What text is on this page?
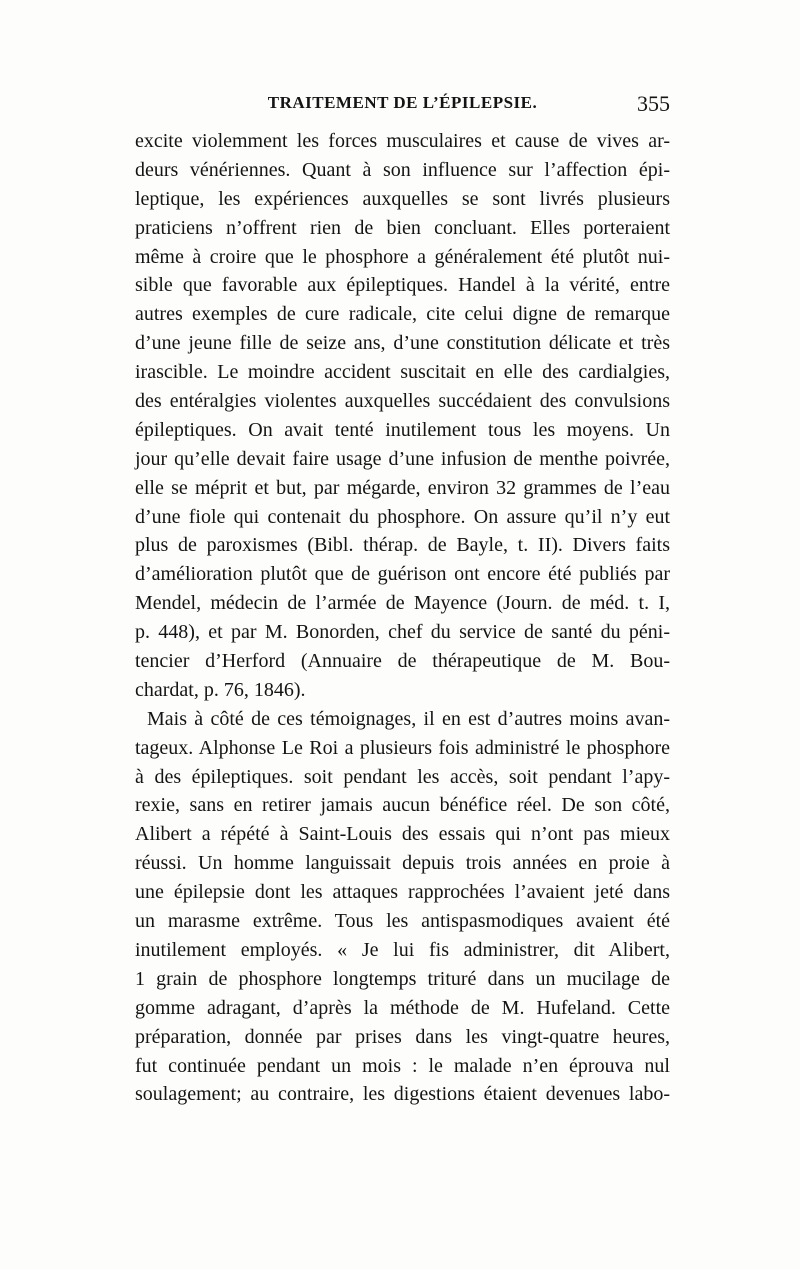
TRAITEMENT DE L’ÉPILEPSIE.	355
excite violemment les forces musculaires et cause de vives ar-
deurs vénériennes. Quant à son influence sur l’affection épi-
leptique, les expériences auxquelles se sont livrés plusieurs
praticiens n’offrent rien de bien concluant. Elles porteraient
même à croire que le phosphore a généralement été plutôt nui-
sible que favorable aux épileptiques. Handel à la vérité, entre
autres exemples de cure radicale, cite celui digne de remarque
d’une jeune fille de seize ans, d’une constitution délicate et très
irascible. Le moindre accident suscitait en elle des cardialgies,
des entéralgies violentes auxquelles succédaient des convulsions
épileptiques. On avait tenté inutilement tous les moyens. Un
jour qu’elle devait faire usage d’une infusion de menthe poivrée,
elle se méprit et but, par mégarde, environ 32 grammes de l’eau
d’une fiole qui contenait du phosphore. On assure qu’il n’y eut
plus de paroxismes (Bibl. thérap. de Bayle, t. II). Divers faits
d’amélioration plutôt que de guérison ont encore été publiés par
Mendel, médecin de l’armée de Mayence (Journ. de méd. t. I,
p. 448), et par M. Bonorden, chef du service de santé du péni-
tencier d’Herford (Annuaire de thérapeutique de M. Bou-
chardat, p. 76, 1846).
Mais à côté de ces témoignages, il en est d’autres moins avan-
tageux. Alphonse Le Roi a plusieurs fois administré le phosphore
à des épileptiques. soit pendant les accès, soit pendant l’apy-
rexie, sans en retirer jamais aucun bénéfice réel. De son côté,
Alibert a répété à Saint-Louis des essais qui n’ont pas mieux
réussi. Un homme languissait depuis trois années en proie à
une épilepsie dont les attaques rapprochées l’avaient jeté dans
un marasme extrême. Tous les antispasmodiques avaient été
inutilement employés. « Je lui fis administrer, dit Alibert,
1 grain de phosphore longtemps trituré dans un mucilage de
gomme adragant, d’après la méthode de M. Hufeland. Cette
préparation, donnée par prises dans les vingt-quatre heures,
fut continuée pendant un mois : le malade n’en éprouva nul
soulagement; au contraire, les digestions étaient devenues labo-
